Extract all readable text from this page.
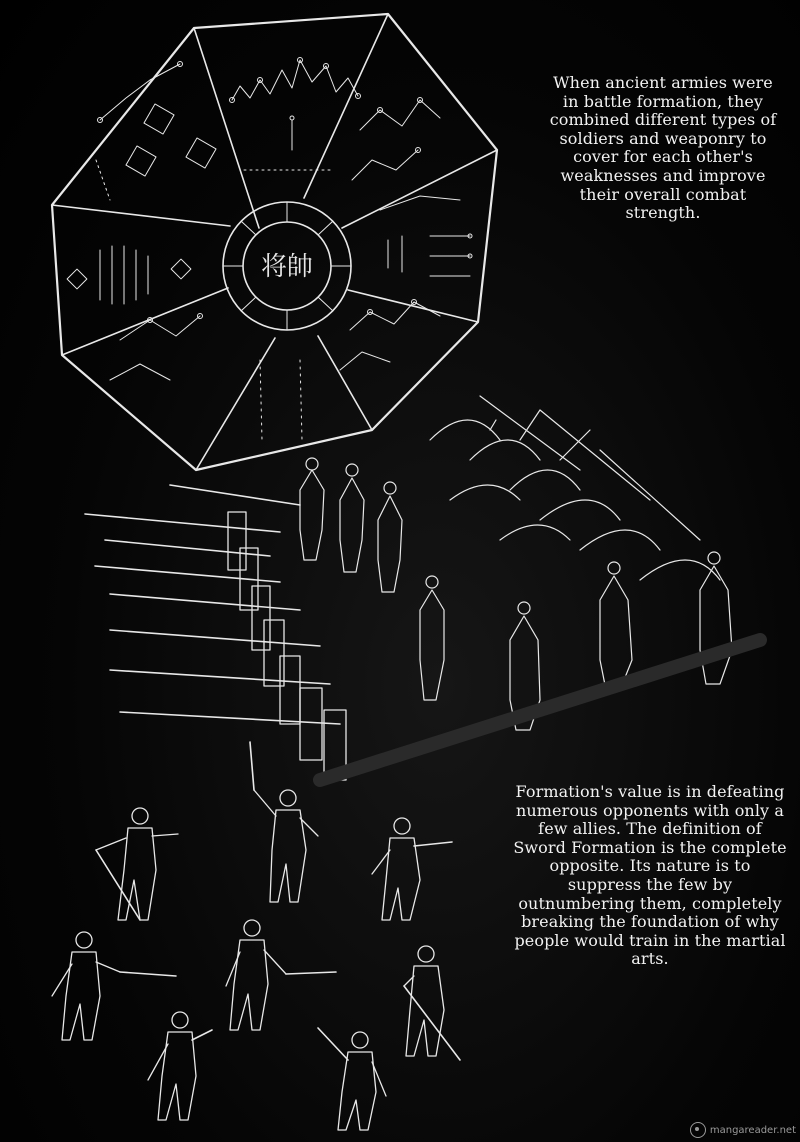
将帥

When ancient armies were in battle formation, they combined different types of soldiers and weaponry to cover for each other's weaknesses and improve their overall combat strength.

Formation's value is in defeating numerous opponents with only a few allies. The definition of Sword Formation is the complete opposite. Its nature is to suppress the few by outnumbering them, completely breaking the foundation of why people would train in the martial arts.

mangareader.net
